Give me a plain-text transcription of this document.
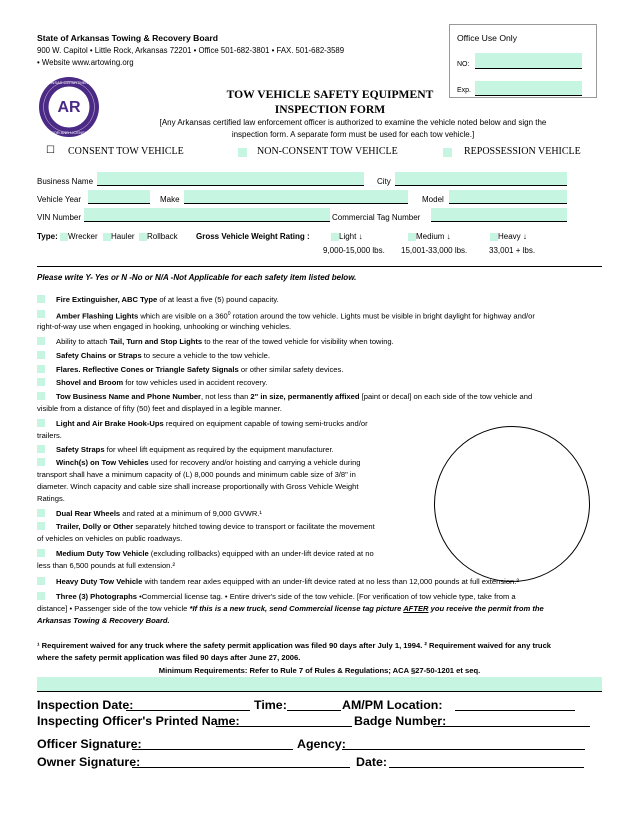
State of Arkansas Towing & Recovery Board
900 W. Capitol • Little Rock, Arkansas 72201 • Office 501-682-3801 • FAX. 501-682-3589
• Website www.artowing.org
AR
ARKANSAS DEPARTMENT OF
LABOR AND LICENSING
Office Use Only
NO:
Exp.
TOW VEHICLE SAFETY EQUIPMENT
INSPECTION FORM
[Any Arkansas certified law enforcement officer is authorized to examine the vehicle noted below and sign the
inspection form. A separate form must be used for each tow vehicle.]
☐ CONSENT TOW VEHICLE	NON-CONSENT TOW VEHICLE	REPOSSESSION VEHICLE
Business Name	City
Vehicle Year	Make	Model
VIN Number	Commercial Tag Number
Type: Wrecker Hauler Rollback Gross Vehicle Weight Rating :	Light ↓	Medium ↓	Heavy ↓
9,000-15,000 lbs. 15,001-33,000 lbs.	33,001 + lbs.
Please write Y- Yes or N -No or N/A -Not Applicable for each safety item listed below.
Fire Extinguisher, ABC Type of at least a five (5) pound capacity.
Amber Flashing Lights which are visible on a $360^0$ rotation around the tow vehicle. Lights must be visible in bright daylight for highway and/or
right-of-way use when engaged in hooking, unhooking or winching vehicles.
Ability to attach Tail, Turn and Stop Lights to the rear of the towed vehicle for visibility when towing.
Safety Chains or Straps to secure a vehicle to the tow vehicle.
Flares. Reflective Cones or Triangle Safety Signals or other similar safety devices.
Shovel and Broom for tow vehicles used in accident recovery.
Tow Business Name and Phone Number, not less than 2" in size, permanently affixed [paint or decal] on each side of the tow vehicle and
visible from a distance of fifty (50) feet and displayed in a legible manner.
Light and Air Brake Hook-Ups required on equipment capable of towing semi-trucks and/or
trailers.
Safety Straps for wheel lift equipment as required by the equipment manufacturer.
Winch(s) on Tow Vehicles used for recovery and/or hoisting and carrying a vehicle during
transport shall have a minimum capacity of (L) 8,000 pounds and minimum cable size of 3/8" in
diameter. Winch capacity and cable size shall increase proportionally with Gross Vehicle Weight
Ratings.
Dual Rear Wheels and rated at a minimum of 9,000 GVWR.¹
Trailer, Dolly or Other separately hitched towing device to transport or facilitate the movement
of vehicles on vehicles on public roadways.
Medium Duty Tow Vehicle (excluding rollbacks) equipped with an under-lift device rated at no
less than 6,500 pounds at full extension.²
Heavy Duty Tow Vehicle with tandem rear axles equipped with an under-lift device rated at no less than 12,000 pounds at full extension.²
Three (3) Photographs •Commercial license tag. • Entire driver's side of the tow vehicle. [For verification of tow vehicle type, take from a
distance] • Passenger side of the tow vehicle *If this is a new truck, send Commercial license tag picture AFTER you receive the permit from the
Arkansas Towing & Recovery Board.
¹ Requirement waived for any truck where the safety permit application was filed 90 days after July 1, 1994. ² Requirement waived for any truck
where the safety permit application was filed 90 days after June 27, 2006.
Minimum Requirements: Refer to Rule 7 of Rules & Regulations; ACA §27-50-1201 et seq.
Inspection Date:	Time:	AM/PM Location:
Inspecting Officer's Printed Name:	Badge Number:
Officer Signature:	Agency:
Owner Signature:	Date:
